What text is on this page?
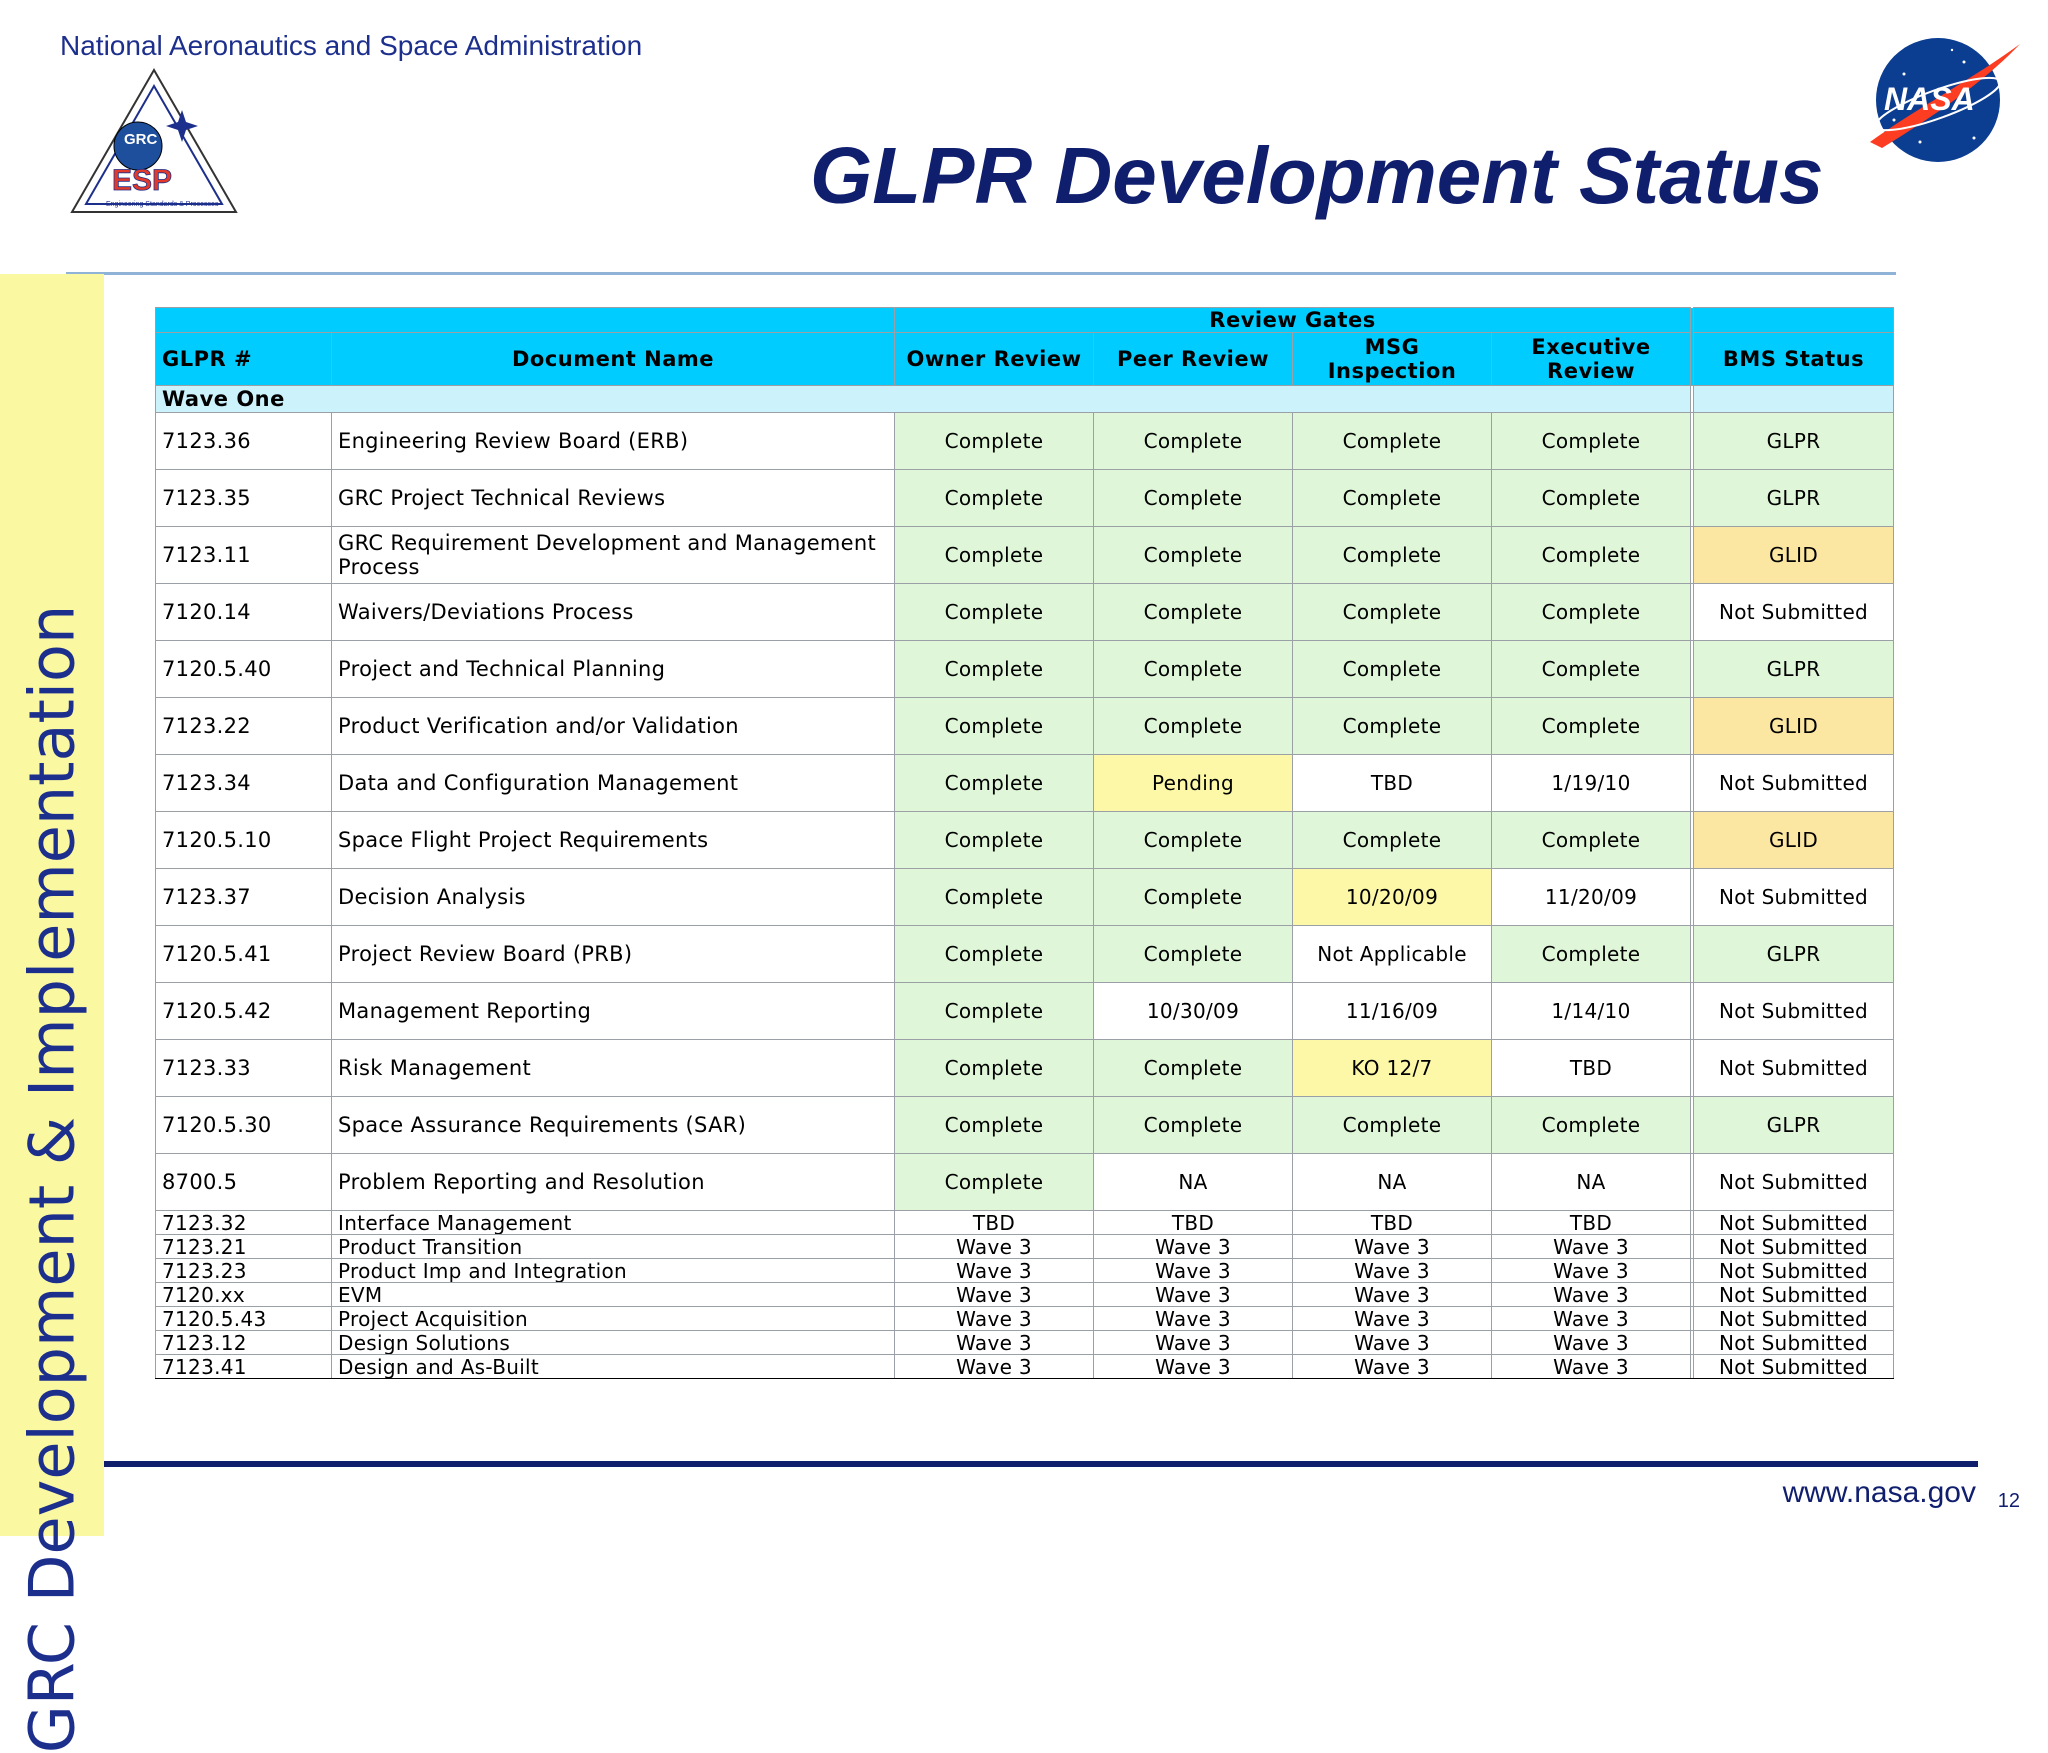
National Aeronautics and Space Administration
GRC
ESP
Engineering Standards & Processes
NASA
GLPR Development Status
GRC Development & Implementation
		Review Gates					
GLPR #	Document Name	Owner Review	Peer Review	MSG Inspection	Executive Review		BMS Status
Wave One							
7123.36	Engineering Review Board (ERB)	Complete	Complete	Complete	Complete		GLPR
7123.35	GRC Project Technical Reviews	Complete	Complete	Complete	Complete		GLPR
7123.11	GRC Requirement Development and Management Process	Complete	Complete	Complete	Complete		GLID
7120.14	Waivers/Deviations Process	Complete	Complete	Complete	Complete		Not Submitted
7120.5.40	Project and Technical Planning	Complete	Complete	Complete	Complete		GLPR
7123.22	Product Verification and/or Validation	Complete	Complete	Complete	Complete		GLID
7123.34	Data and Configuration Management	Complete	Pending	TBD	1/19/10		Not Submitted
7120.5.10	Space Flight Project Requirements	Complete	Complete	Complete	Complete		GLID
7123.37	Decision Analysis	Complete	Complete	10/20/09	11/20/09		Not Submitted
7120.5.41	Project Review Board (PRB)	Complete	Complete	Not Applicable	Complete		GLPR
7120.5.42	Management Reporting	Complete	10/30/09	11/16/09	1/14/10		Not Submitted
7123.33	Risk Management	Complete	Complete	KO 12/7	TBD		Not Submitted
7120.5.30	Space Assurance Requirements (SAR)	Complete	Complete	Complete	Complete		GLPR
8700.5	Problem Reporting and Resolution	Complete	NA	NA	NA		Not Submitted
7123.32	Interface Management	TBD	TBD	TBD	TBD		Not Submitted
7123.21	Product Transition	Wave 3	Wave 3	Wave 3	Wave 3		Not Submitted
7123.23	Product Imp and Integration	Wave 3	Wave 3	Wave 3	Wave 3		Not Submitted
7120.xx	EVM	Wave 3	Wave 3	Wave 3	Wave 3		Not Submitted
7120.5.43	Project Acquisition	Wave 3	Wave 3	Wave 3	Wave 3		Not Submitted
7123.12	Design Solutions	Wave 3	Wave 3	Wave 3	Wave 3		Not Submitted
7123.41	Design and As-Built	Wave 3	Wave 3	Wave 3	Wave 3		Not Submitted
www.nasa.gov 12
